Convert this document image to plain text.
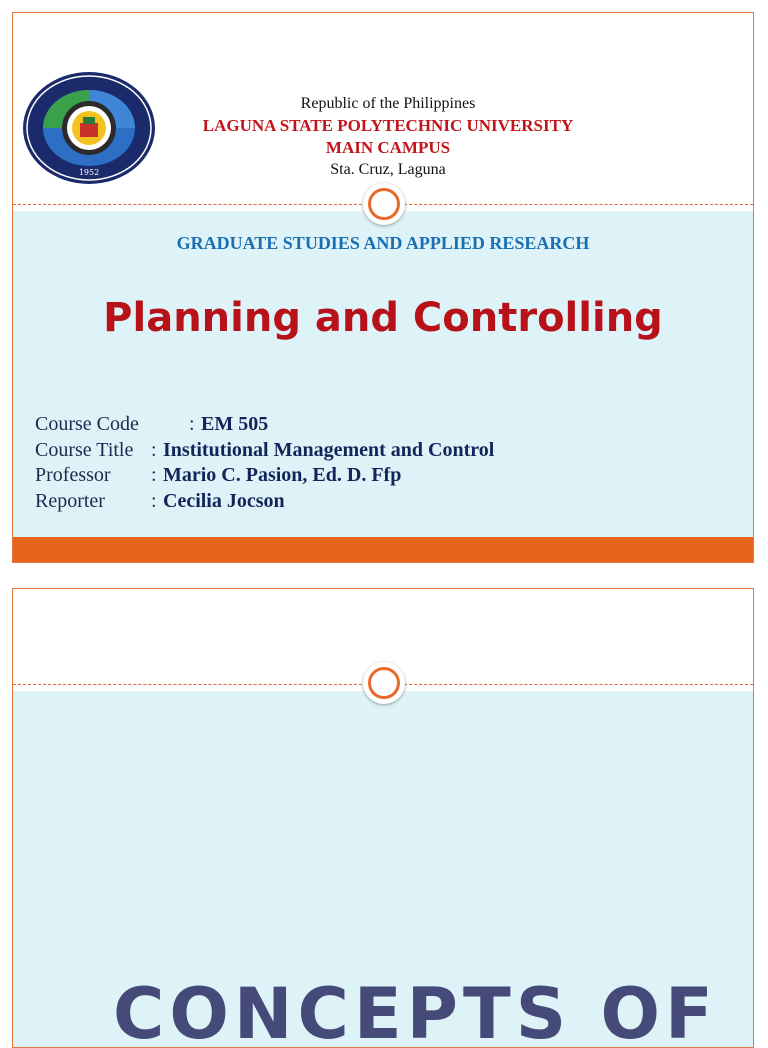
1952
Republic of the Philippines
LAGUNA STATE POLYTECHNIC UNIVERSITY
MAIN CAMPUS
Sta. Cruz, Laguna
GRADUATE STUDIES AND APPLIED RESEARCH
Planning and Controlling
Course Code	: EM 505
Course Title : Institutional Management and Control
Professor	: Mario C. Pasion, Ed. D. Ffp
Reporter	: Cecilia Jocson
CONCEPTS OF
